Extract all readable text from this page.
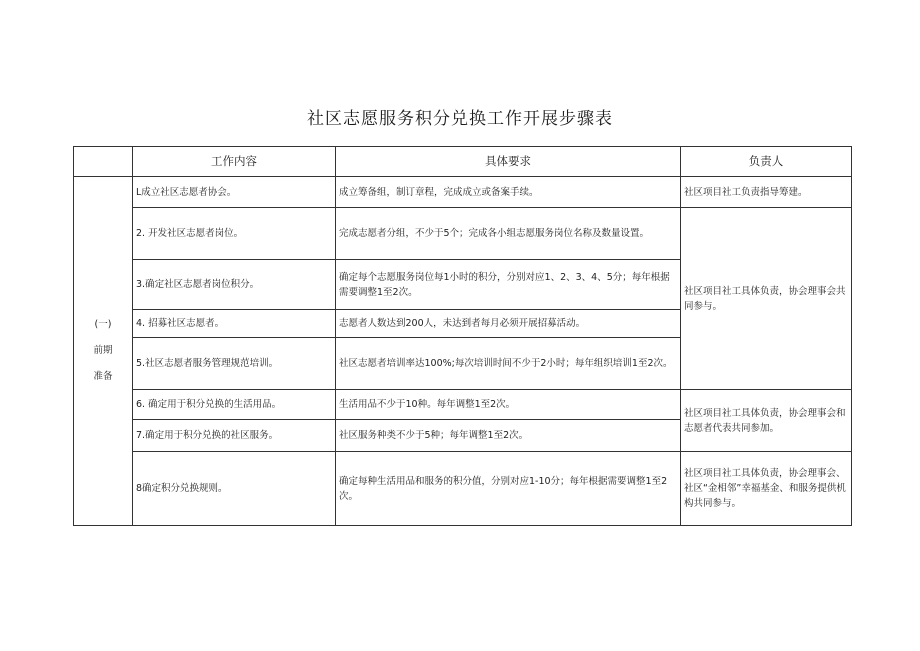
社区志愿服务积分兑换工作开展步骤表
	工作内容	具体要求	负责人

(一)
前期
准备	L成立社区志愿者协会。	成立筹备组，制订章程，完成成立或备案手续。	社区项目社工负责指导筹建。
	2. 开发社区志愿者岗位。	完成志愿者分组，不少于5个；完成各小组志愿服务岗位名称及数量设置。	社区项目社工具体负责，协会理事会共同参与。
	3.确定社区志愿者岗位积分。	确定每个志愿服务岗位每1小时的积分，分别对应1、2、3、4、5分；每年根据需要调整1至2次。	
	4. 招募社区志愿者。	志愿者人数达到200人，未达到者每月必须开展招募活动。	
	5.社区志愿者服务管理规范培训。	社区志愿者培训率达100%;每次培训时间不少于2小时；每年组织培训1至2次。	
	6. 确定用于积分兑换的生活用品。	生活用品不少于10种。每年调整1至2次。	社区项目社工具体负责，协会理事会和志愿者代表共同参加。
	7.确定用于积分兑换的社区服务。	社区服务种类不少于5种；每年调整1至2次。	
	8确定积分兑换规则。	确定每种生活用品和服务的积分值，分别对应1-10分；每年根据需要调整1至2次。	社区项目社工具体负责，协会理事会、社区“金相邻”幸福基金、和服务提供机构共同参与。
